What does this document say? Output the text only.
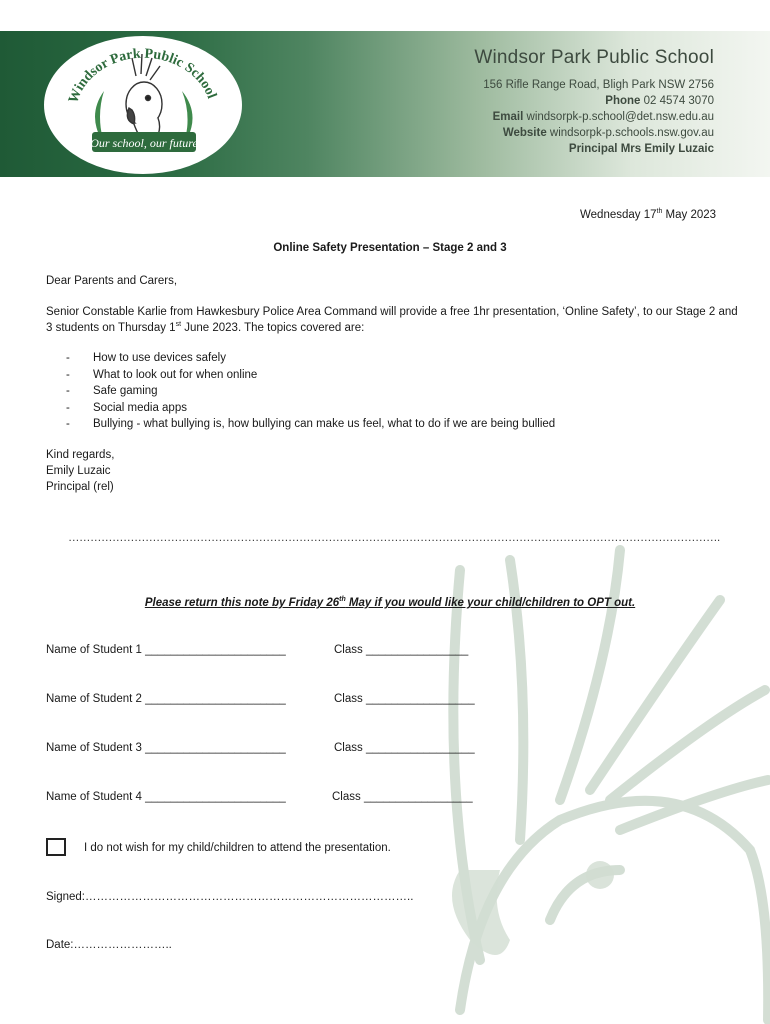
Windsor Park Public School
Our school, our future
Windsor Park Public School
156 Rifle Range Road, Bligh Park NSW 2756
Phone 02 4574 3070
Email windsorpk-p.school@det.nsw.edu.au
Website windsorpk-p.schools.nsw.gov.au
Principal Mrs Emily Luzaic
Wednesday 17th May 2023
Online Safety Presentation – Stage 2 and 3
Dear Parents and Carers,
Senior Constable Karlie from Hawkesbury Police Area Command will provide a free 1hr presentation, ‘Online Safety’, to our Stage 2 and 3 students on Thursday 1st June 2023. The topics covered are:
- How to use devices safely
- What to look out for when online
- Safe gaming
- Social media apps
- Bullying - what bullying is, how bullying can make us feel, what to do if we are being bullied
Kind regards,
Emily Luzaic
Principal (rel)
…………………………………………………………………………………………………………………………………………………………….
Please return this note by Friday 26th May if you would like your child/children to OPT out.
Name of Student 1 ______________________	Class ________________
Name of Student 2 ______________________	Class _________________
Name of Student 3 ______________________	Class _________________
Name of Student 4 ______________________	Class _________________
I do not wish for my child/children to attend the presentation.
Signed:…………………………………………………………………………..
Date:……………………..
